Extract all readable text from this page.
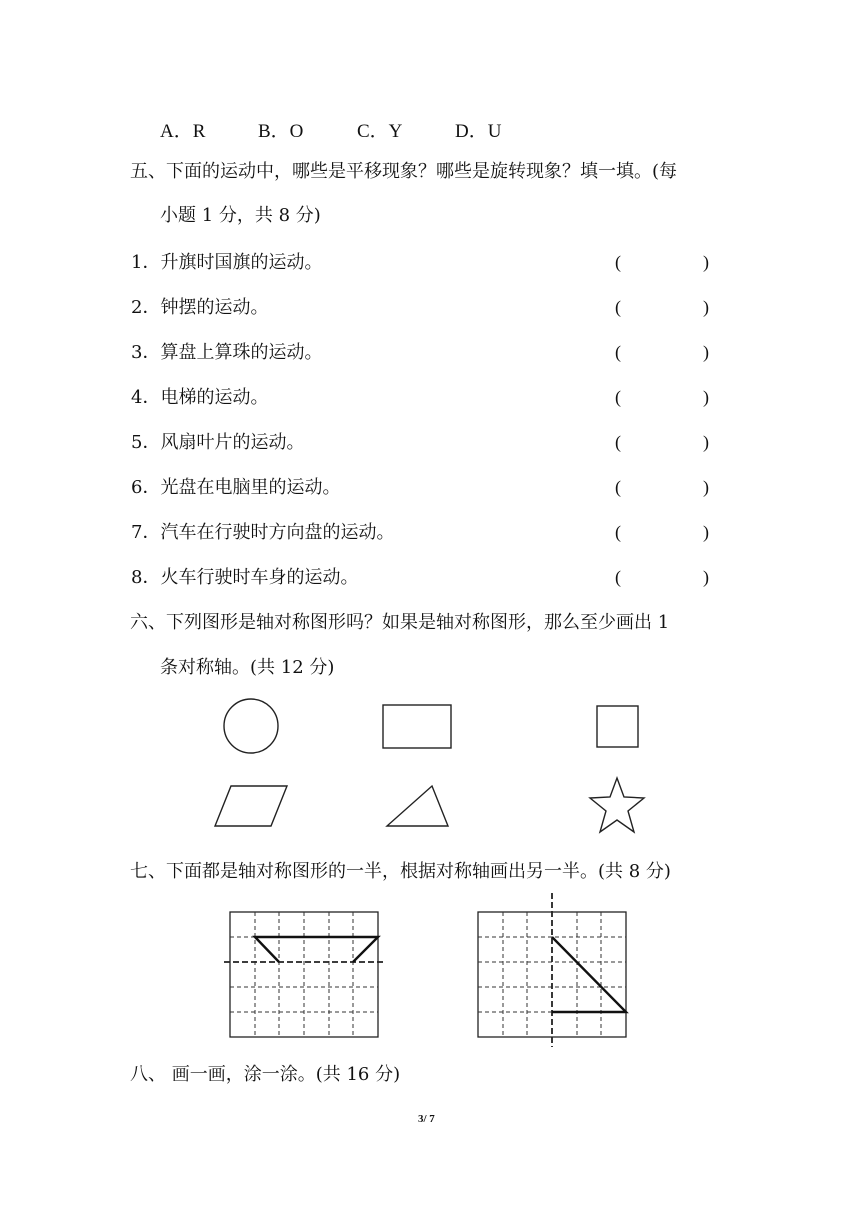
A．R	B．O	C．Y	D．U
五、下面的运动中，哪些是平移现象？哪些是旋转现象？填一填。(每
小题 1 分，共 8 分)
1．升旗时国旗的运动。	(	)
2．钟摆的运动。	(	)
3．算盘上算珠的运动。	(	)
4．电梯的运动。	(	)
5．风扇叶片的运动。	(	)
6．光盘在电脑里的运动。	(	)
7．汽车在行驶时方向盘的运动。	(	)
8．火车行驶时车身的运动。	(	)
六、下列图形是轴对称图形吗？如果是轴对称图形，那么至少画出 1
条对称轴。(共 12 分)
七、下面都是轴对称图形的一半，根据对称轴画出另一半。(共 8 分)
八、 画一画，涂一涂。(共 16 分)
3/ 7
